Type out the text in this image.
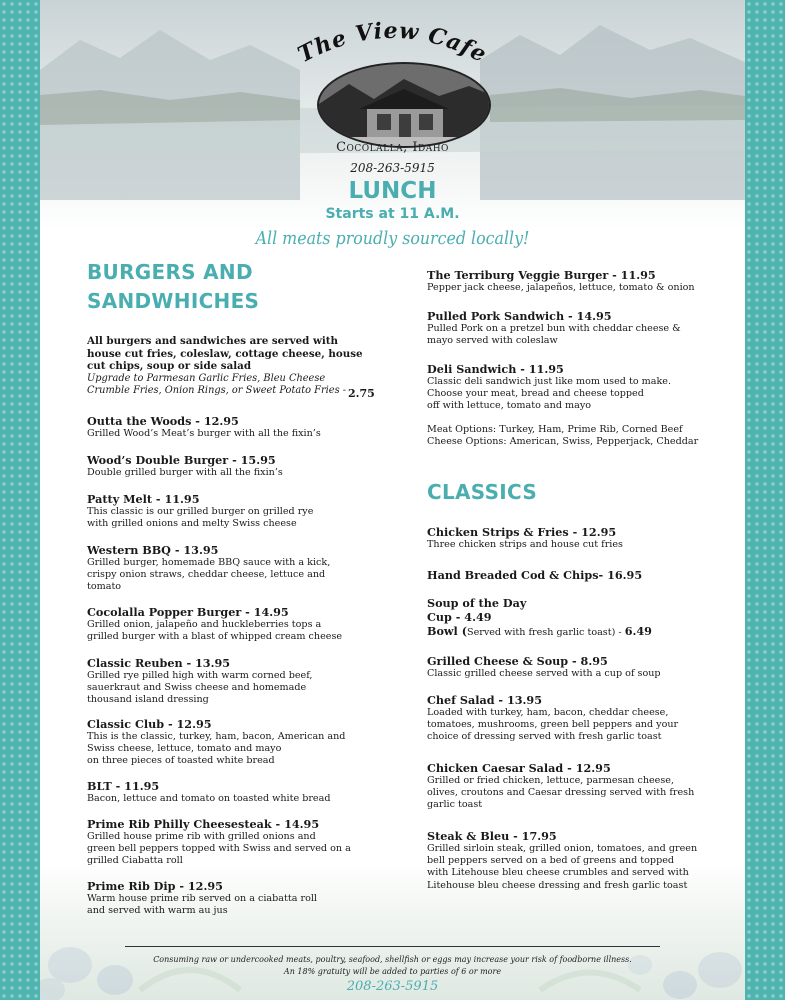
The View Cafe
Cocolalla, Idaho
208-263-5915
LUNCH
Starts at 11 A.M.
All meats proudly sourced locally!
BURGERS AND
SANDWHICHES
All burgers and sandwiches are served with
house cut fries, coleslaw, cottage cheese, house
cut chips, soup or side salad
Upgrade to Parmesan Garlic Fries, Bleu Cheese
Crumble Fries, Onion Rings, or Sweet Potato Fries - 2.75
Outta the Woods - 12.95
Grilled Wood’s Meat’s burger with all the fixin’s
Wood’s Double Burger - 15.95
Double grilled burger with all the fixin’s
Patty Melt - 11.95
This classic is our grilled burger on grilled rye
with grilled onions and melty Swiss cheese
Western BBQ - 13.95
Grilled burger, homemade BBQ sauce with a kick,
crispy onion straws, cheddar cheese, lettuce and
tomato
Cocolalla Popper Burger - 14.95
Grilled onion, jalapeño and huckleberries tops a
grilled burger with a blast of whipped cream cheese
Classic Reuben - 13.95
Grilled rye pilled high with warm corned beef,
sauerkraut and Swiss cheese and homemade
thousand island dressing
Classic Club - 12.95
This is the classic, turkey, ham, bacon, American and
Swiss cheese, lettuce, tomato and mayo
on three pieces of toasted white bread
BLT - 11.95
Bacon, lettuce and tomato on toasted white bread
Prime Rib Philly Cheesesteak - 14.95
Grilled house prime rib with grilled onions and
green bell peppers topped with Swiss and served on a
grilled Ciabatta roll
Prime Rib Dip - 12.95
Warm house prime rib served on a ciabatta roll
and served with warm au jus
The Terriburg Veggie Burger - 11.95
Pepper jack cheese, jalapeños, lettuce, tomato & onion
Pulled Pork Sandwich - 14.95
Pulled Pork on a pretzel bun with cheddar cheese &
mayo served with coleslaw
Deli Sandwich - 11.95
Classic deli sandwich just like mom used to make.
Choose your meat, bread and cheese topped
off with lettuce, tomato and mayo
Meat Options: Turkey, Ham, Prime Rib, Corned Beef
Cheese Options: American, Swiss, Pepperjack, Cheddar
CLASSICS
Chicken Strips & Fries - 12.95
Three chicken strips and house cut fries
Hand Breaded Cod & Chips- 16.95
Grilled Cheese & Soup - 8.95
Classic grilled cheese served with a cup of soup
Chef Salad - 13.95
Loaded with turkey, ham, bacon, cheddar cheese,
tomatoes, mushrooms, green bell peppers and your
choice of dressing served with fresh garlic toast
Chicken Caesar Salad - 12.95
Grilled or fried chicken, lettuce, parmesan cheese,
olives, croutons and Caesar dressing served with fresh
garlic toast
Steak & Bleu - 17.95
Grilled sirloin steak, grilled onion, tomatoes, and green
bell peppers served on a bed of greens and topped
with Litehouse bleu cheese crumbles and served with
Litehouse bleu cheese dressing and fresh garlic toast
Soup of the Day
Cup - 4.49
Bowl (Served with fresh garlic toast) - 6.49
Consuming raw or undercooked meats, poultry, seafood, shellfish or eggs may increase your risk of foodborne illness.
An 18% gratuity will be added to parties of 6 or more
208-263-5915
